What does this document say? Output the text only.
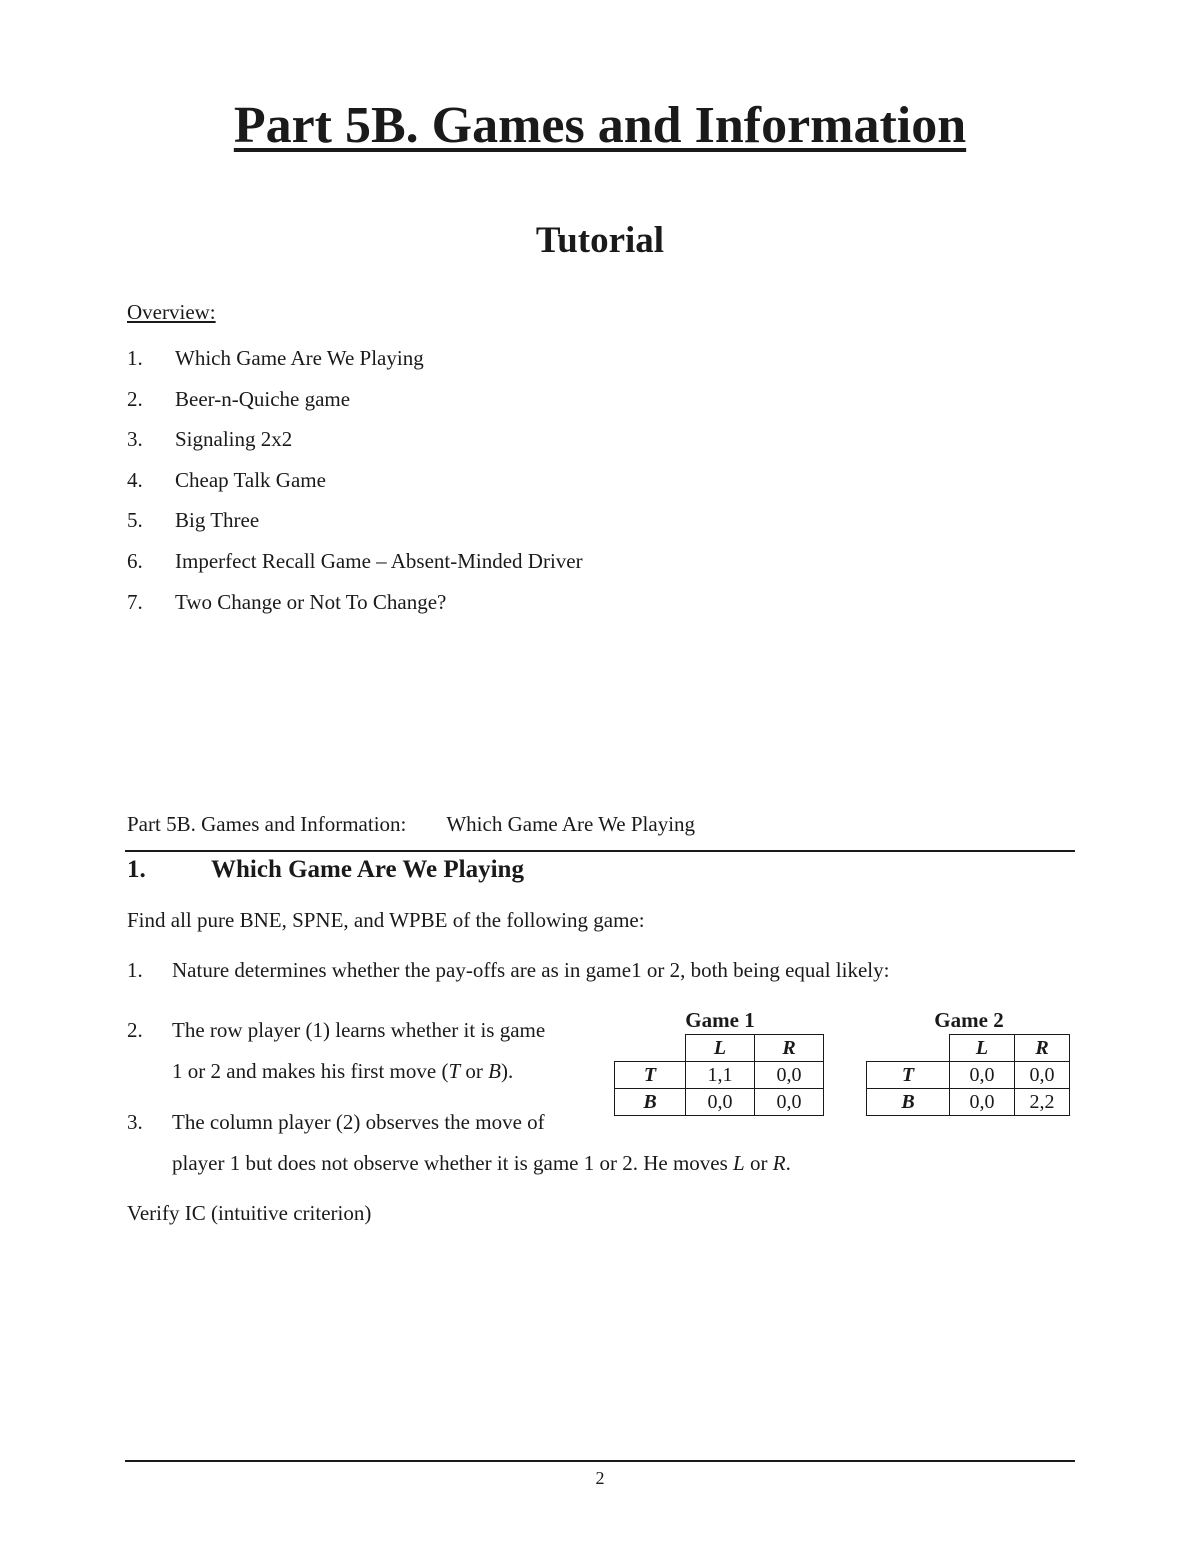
Part 5B. Games and Information
Tutorial
Overview:
1. Which Game Are We Playing
2. Beer-n-Quiche game
3. Signaling 2x2
4. Cheap Talk Game
5. Big Three
6. Imperfect Recall Game – Absent-Minded Driver
7. Two Change or Not To Change?
Part 5B. Games and Information: Which Game Are We Playing
1.	Which Game Are We Playing
Find all pure BNE, SPNE, and WPBE of the following game:
1. Nature determines whether the pay-offs are as in game1 or 2, both being equal likely:
2. The row player (1) learns whether it is game
1 or 2 and makes his first move (T or B).
3. The column player (2) observes the move of
player 1 but does not observe whether it is game 1 or 2. He moves L or R.
Verify IC (intuitive criterion)
Game 1
	L	R
T	1,1	0,0
B	0,0	0,0
Game 2
	L	R
T	0,0	0,0
B	0,0	2,2
2
